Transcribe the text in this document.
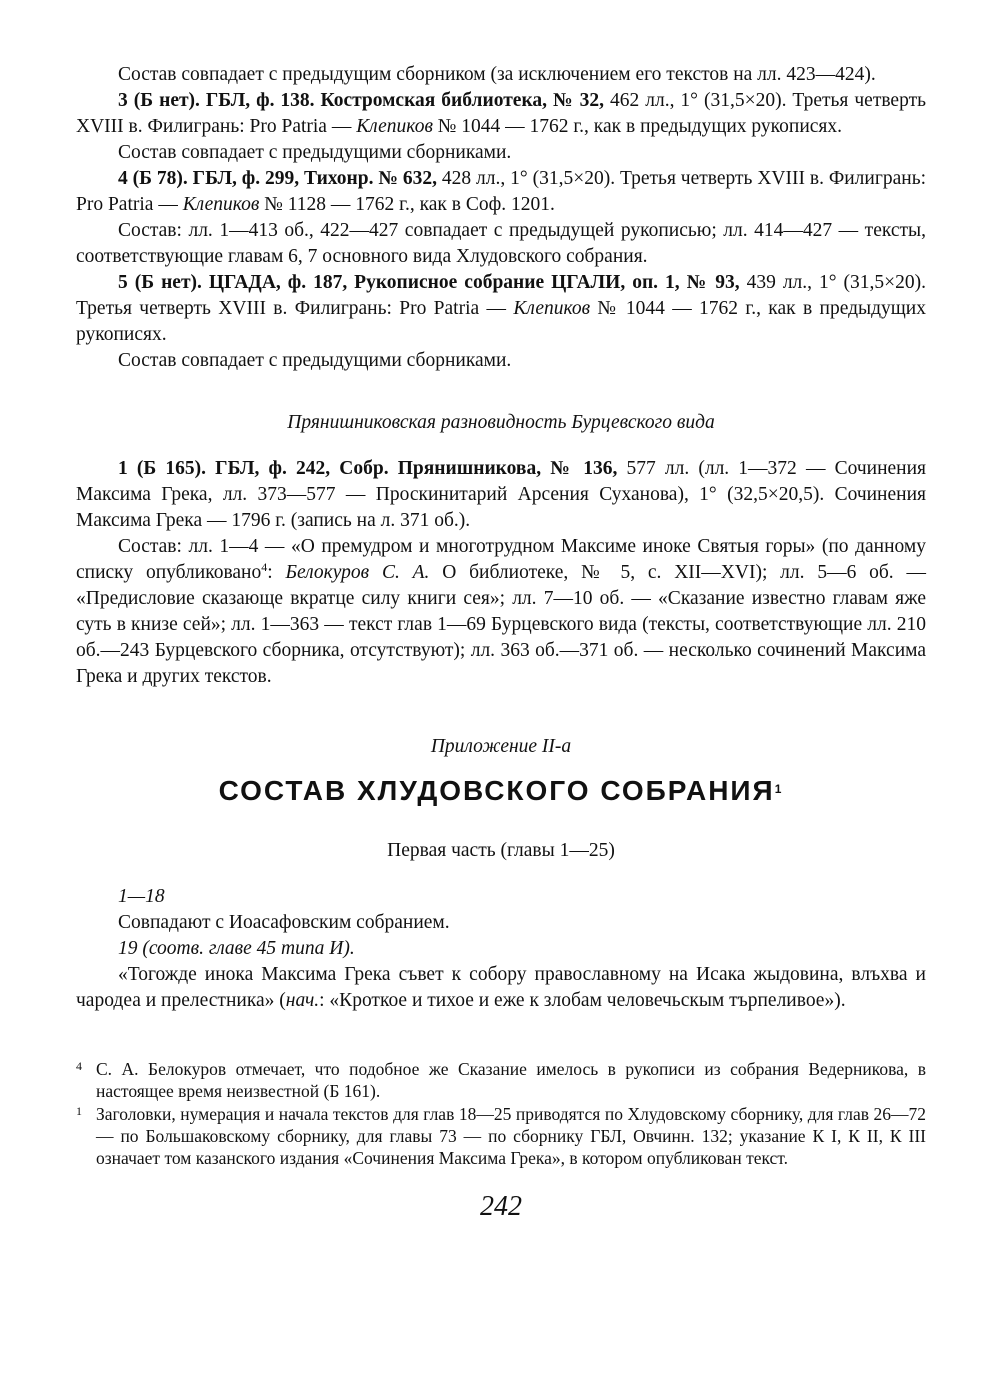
Состав совпадает с предыдущим сборником (за исключением его текстов на лл. 423—424).

3 (Б нет). ГБЛ, ф. 138. Костромская библиотека, № 32, 462 лл., 1° (31,5×20). Третья четверть XVIII в. Филигрань: Pro Patria — Клепиков № 1044 — 1762 г., как в предыдущих рукописях.

Состав совпадает с предыдущими сборниками.

4 (Б 78). ГБЛ, ф. 299, Тихонр. № 632, 428 лл., 1° (31,5×20). Третья четверть XVIII в. Филигрань: Pro Patria — Клепиков № 1128 — 1762 г., как в Соф. 1201.

Состав: лл. 1—413 об., 422—427 совпадает с предыдущей рукописью; лл. 414—427 — тексты, соответствующие главам 6, 7 основного вида Хлудовского собрания.

5 (Б нет). ЦГАДА, ф. 187, Рукописное собрание ЦГАЛИ, оп. 1, № 93, 439 лл., 1° (31,5×20). Третья четверть XVIII в. Филигрань: Pro Patria — Клепиков № 1044 — 1762 г., как в предыдущих рукописях.

Состав совпадает с предыдущими сборниками.

Прянишниковская разновидность Бурцевского вида

1 (Б 165). ГБЛ, ф. 242, Собр. Прянишникова, № 136, 577 лл. (лл. 1—372 — Сочинения Максима Грека, лл. 373—577 — Проскинитарий Арсения Суханова), 1° (32,5×20,5). Сочинения Максима Грека — 1796 г. (запись на л. 371 об.).

Состав: лл. 1—4 — «О премудром и многотрудном Максиме иноке Святыя горы» (по данному списку опубликовано$^4$: Белокуров С. А. О библиотеке, № 5, с. XII—XVI); лл. 5—6 об. — «Предисловие сказающе вкратце силу книги сея»; лл. 7—10 об. — «Сказание известно главам яже суть в книзе сей»; лл. 1—363 — текст глав 1—69 Бурцевского вида (тексты, соответствующие лл. 210 об.—243 Бурцевского сборника, отсутствуют); лл. 363 об.—371 об. — несколько сочинений Максима Грека и других текстов.

Приложение II-а

СОСТАВ ХЛУДОВСКОГО СОБРАНИЯ$^1$

Первая часть (главы 1—25)

1—18

Совпадают с Иоасафовским собранием.

19 (соотв. главе 45 типа И).

«Тогожде инока Максима Грека съвет к собору православному на Исака жыдовина, влъхва и чародеа и прелестника» (нач.: «Кроткое и тихое и еже к злобам человечьскым търпеливое»).

4 С. А. Белокуров отмечает, что подобное же Сказание имелось в рукописи из собрания Ведерникова, в настоящее время неизвестной (Б 161).
1 Заголовки, нумерация и начала текстов для глав 18—25 приводятся по Хлудовскому сборнику, для глав 26—72 — по Большаковскому сборнику, для главы 73 — по сборнику ГБЛ, Овчинн. 132; указание К I, К II, К III означает том казанского издания «Сочинения Максима Грека», в котором опубликован текст.
242
